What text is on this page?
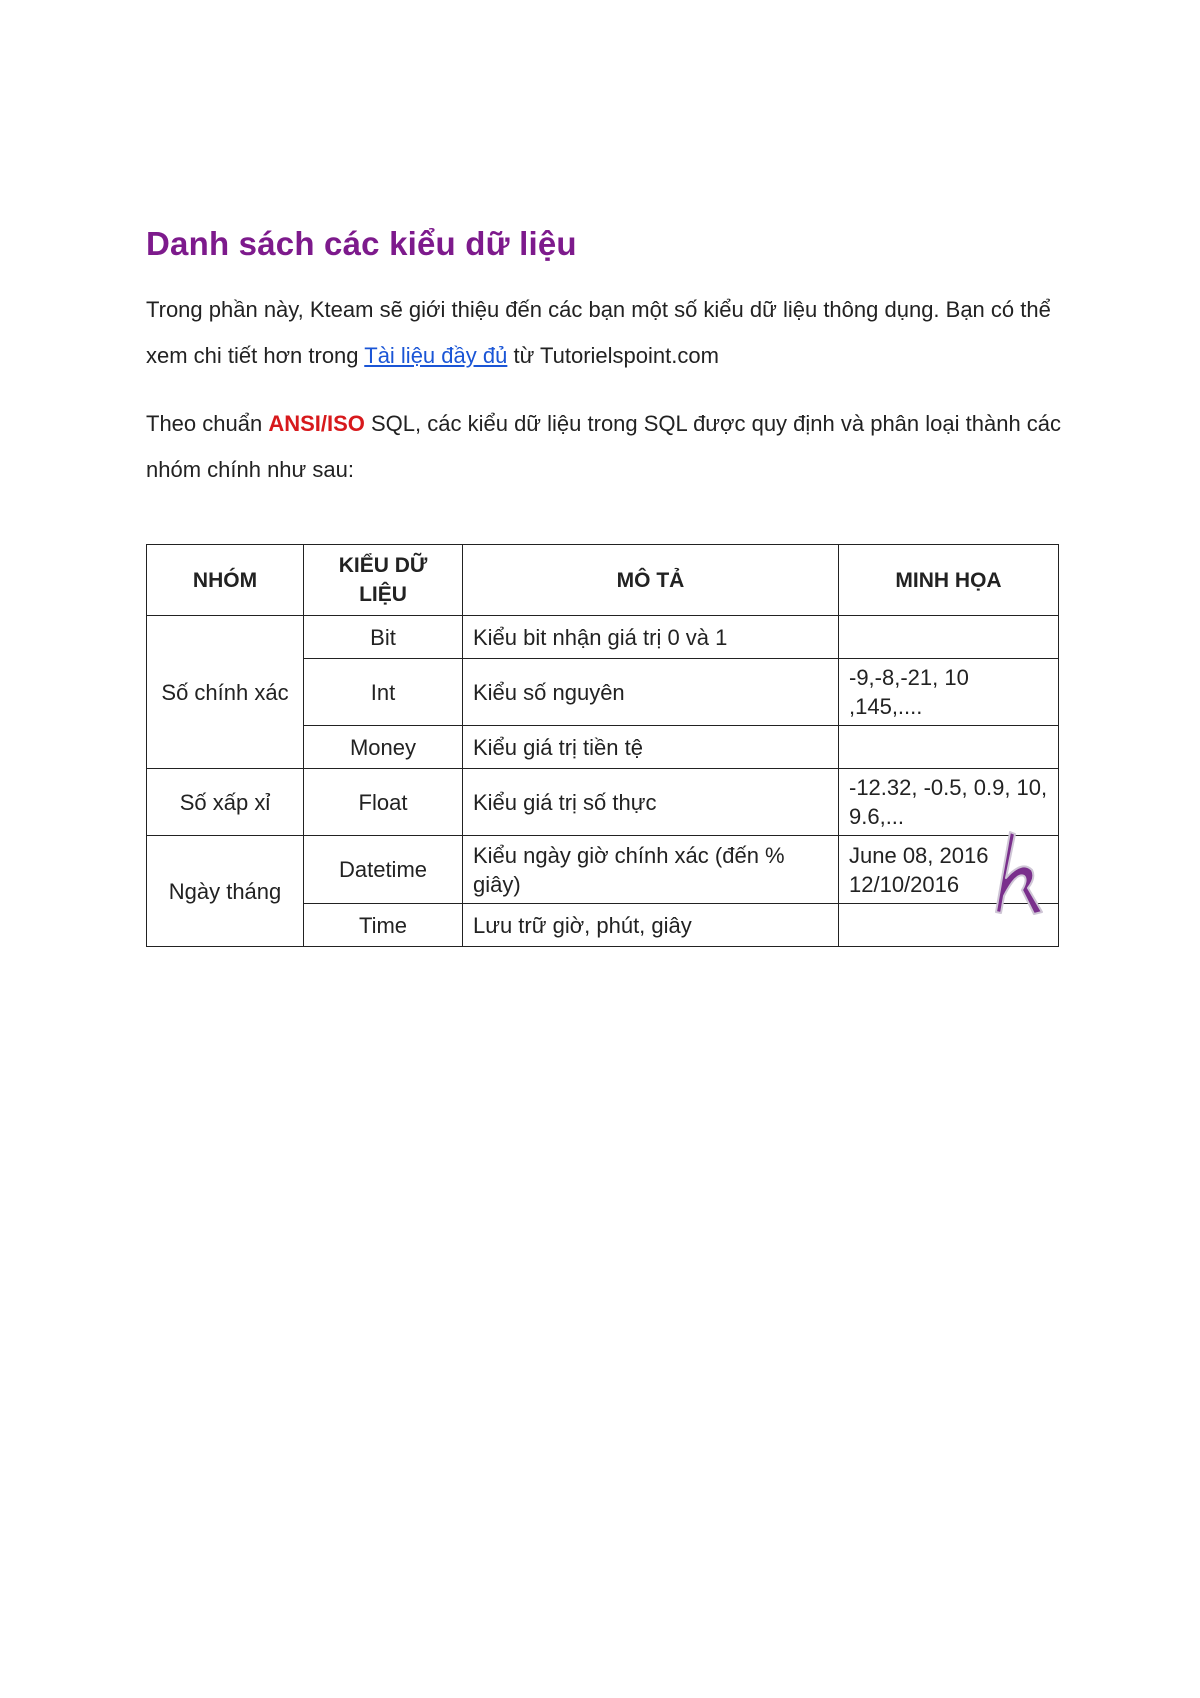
Danh sách các kiểu dữ liệu

Trong phần này, Kteam sẽ giới thiệu đến các bạn một số kiểu dữ liệu thông dụng. Bạn có thể xem chi tiết hơn trong Tài liệu đầy đủ từ Tutorielspoint.com

Theo chuẩn ANSI/ISO SQL, các kiểu dữ liệu trong SQL được quy định và phân loại thành các nhóm chính như sau:

NHÓM	KIỂU DỮ LIỆU	MÔ TẢ	MINH HỌA
Số chính xác	Bit	Kiểu bit nhận giá trị 0 và 1	
	Int	Kiểu số nguyên	-9,-8,-21, 10 ,145,....
	Money	Kiểu giá trị tiền tệ	
Số xấp xỉ	Float	Kiểu giá trị số thực	-12.32, -0.5, 0.9, 10, 9.6,...
Ngày tháng	Datetime	Kiểu ngày giờ chính xác (đến % giây)	June 08, 2016 12/10/2016
	Time	Lưu trữ giờ, phút, giây	
